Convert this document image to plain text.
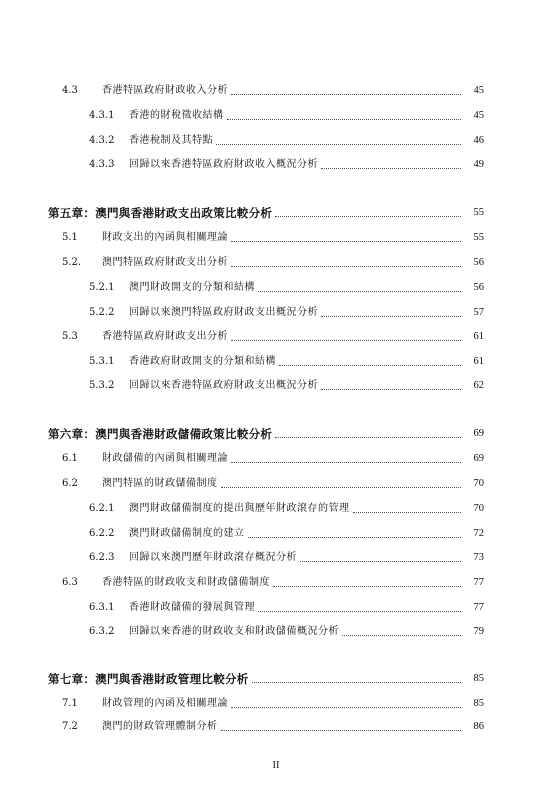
4.3	香港特區政府財政收入分析	45
4.3.1	香港的財稅徵收結構	45
4.3.2	香港稅制及其特點	46
4.3.3	回歸以來香港特區政府財政收入概況分析	49
第五章：澳門與香港財政支出政策比較分析	55
5.1	財政支出的內函與相關理論	55
5.2.	澳門特區政府財政支出分析	56
5.2.1	澳門財政開支的分類和結構	56
5.2.2	回歸以來澳門特區政府財政支出概況分析	57
5.3	香港特區政府財政支出分析	61
5.3.1	香港政府財政開支的分類和結構	61
5.3.2	回歸以來香港特區政府財政支出概況分析	62
第六章：澳門與香港財政儲備政策比較分析	69
6.1	財政儲備的內函與相關理論	69
6.2	澳門特區的財政儲備制度	70
6.2.1	澳門財政儲備制度的提出與歷年財政滾存的管理	70
6.2.2	澳門財政儲備制度的建立	72
6.2.3	回歸以來澳門歷年財政滾存概況分析	73
6.3	香港特區的財政收支和財政儲備制度	77
6.3.1	香港財政儲備的發展與管理	77
6.3.2	回歸以來香港的財政收支和財政儲備概況分析	79
第七章：澳門與香港財政管理比較分析	85
7.1	財政管理的內函及相關理論	85
7.2	澳門的財政管理體制分析	86
II
